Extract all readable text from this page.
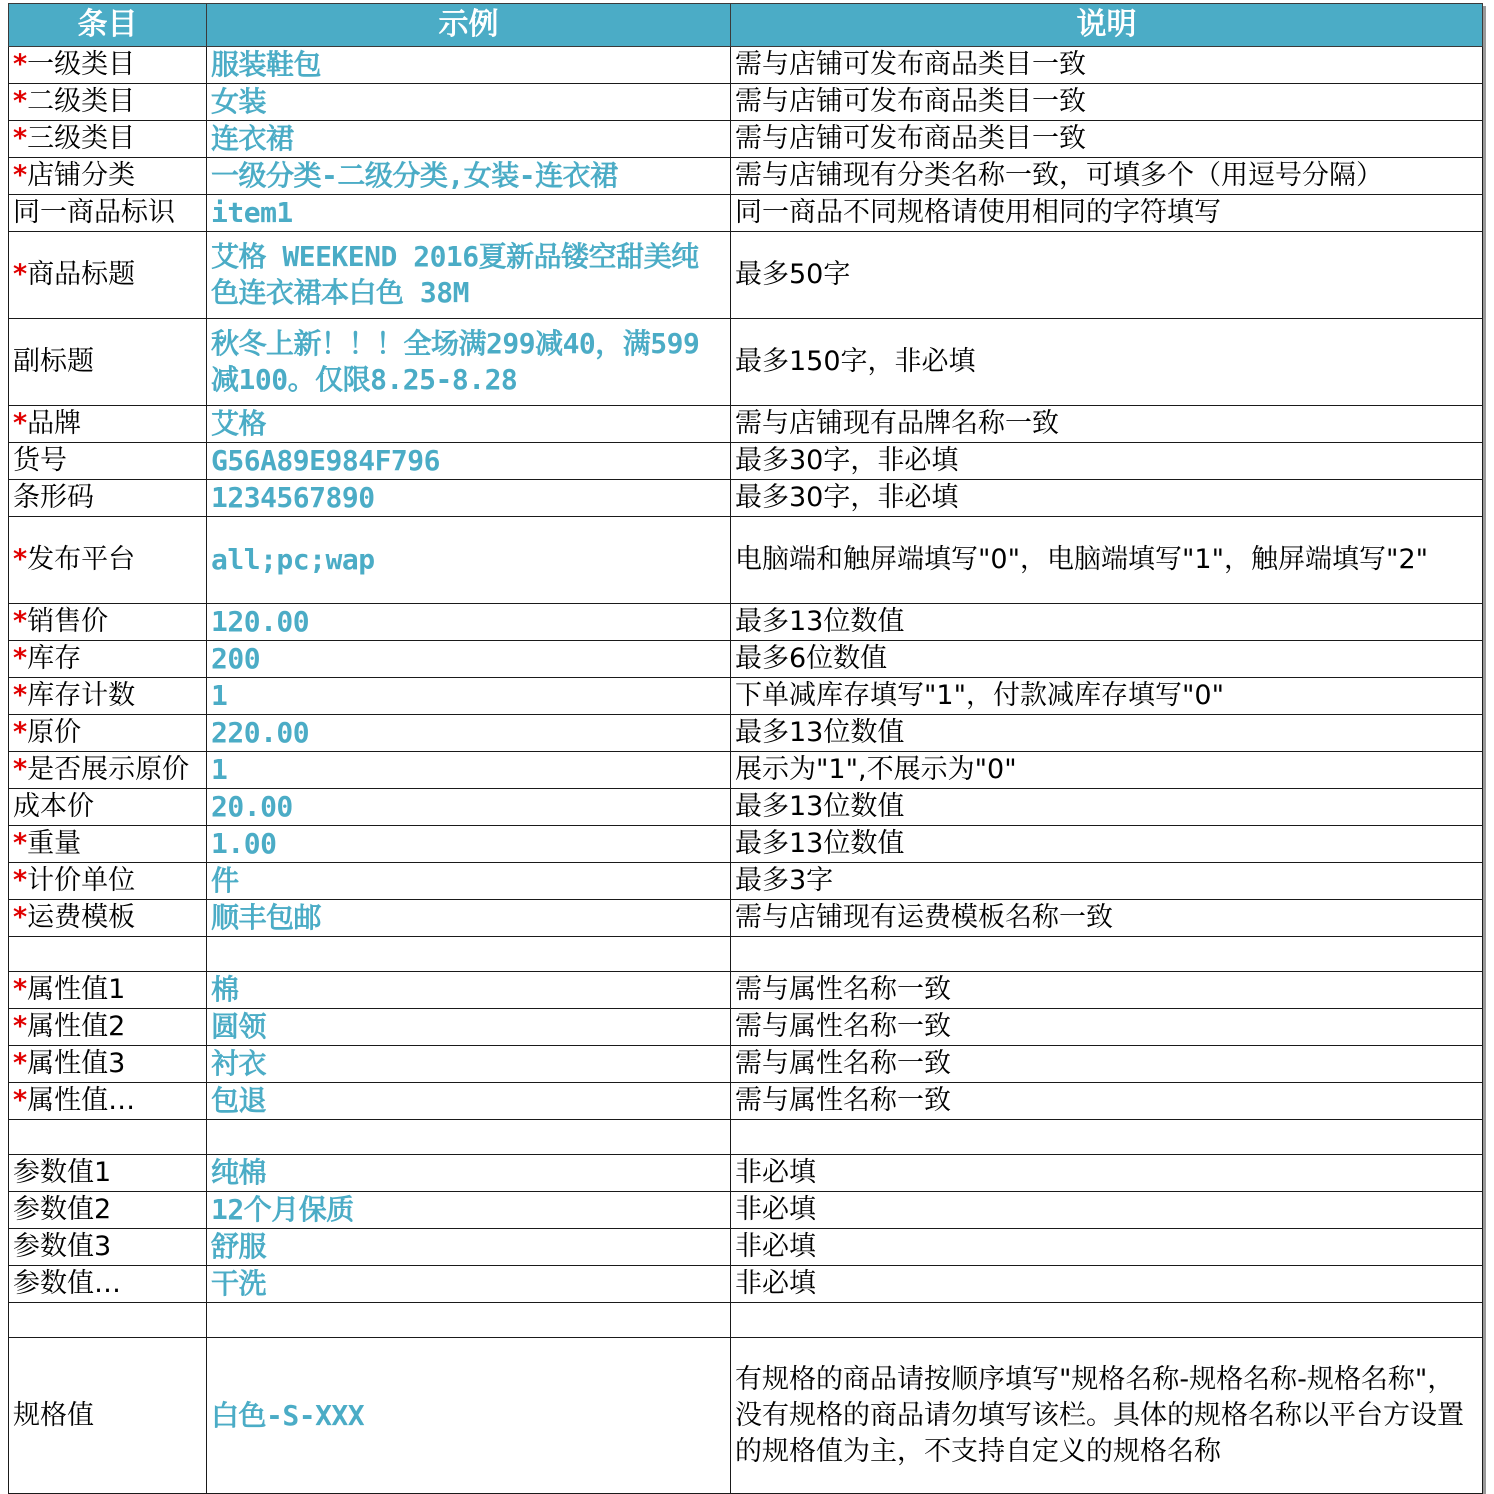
条目	示例	说明
*一级类目	服装鞋包	需与店铺可发布商品类目一致
*二级类目	女装	需与店铺可发布商品类目一致
*三级类目	连衣裙	需与店铺可发布商品类目一致
*店铺分类	一级分类-二级分类,女装-连衣裙	需与店铺现有分类名称一致，可填多个（用逗号分隔）
同一商品标识	item1	同一商品不同规格请使用相同的字符填写
*商品标题	艾格 WEEKEND 2016夏新品镂空甜美纯色连衣裙本白色 38M	最多50字
副标题	秋冬上新！！！全场满299减40，满599减100。仅限8.25-8.28	最多150字，非必填
*品牌	艾格	需与店铺现有品牌名称一致
货号	G56A89E984F796	最多30字，非必填
条形码	1234567890	最多30字，非必填
*发布平台	all;pc;wap	电脑端和触屏端填写"0"，电脑端填写"1"，触屏端填写"2"
*销售价	120.00	最多13位数值
*库存	200	最多6位数值
*库存计数	1	下单减库存填写"1"，付款减库存填写"0"
*原价	220.00	最多13位数值
*是否展示原价	1	展示为"1",不展示为"0"
成本价	20.00	最多13位数值
*重量	1.00	最多13位数值
*计价单位	件	最多3字
*运费模板	顺丰包邮	需与店铺现有运费模板名称一致

*属性值1	棉	需与属性名称一致
*属性值2	圆领	需与属性名称一致
*属性值3	衬衣	需与属性名称一致
*属性值…	包退	需与属性名称一致

参数值1	纯棉	非必填
参数值2	12个月保质	非必填
参数值3	舒服	非必填
参数值…	干洗	非必填

规格值	白色-S-XXX	有规格的商品请按顺序填写"规格名称-规格名称-规格名称"，没有规格的商品请勿填写该栏。具体的规格名称以平台方设置的规格值为主，不支持自定义的规格名称
